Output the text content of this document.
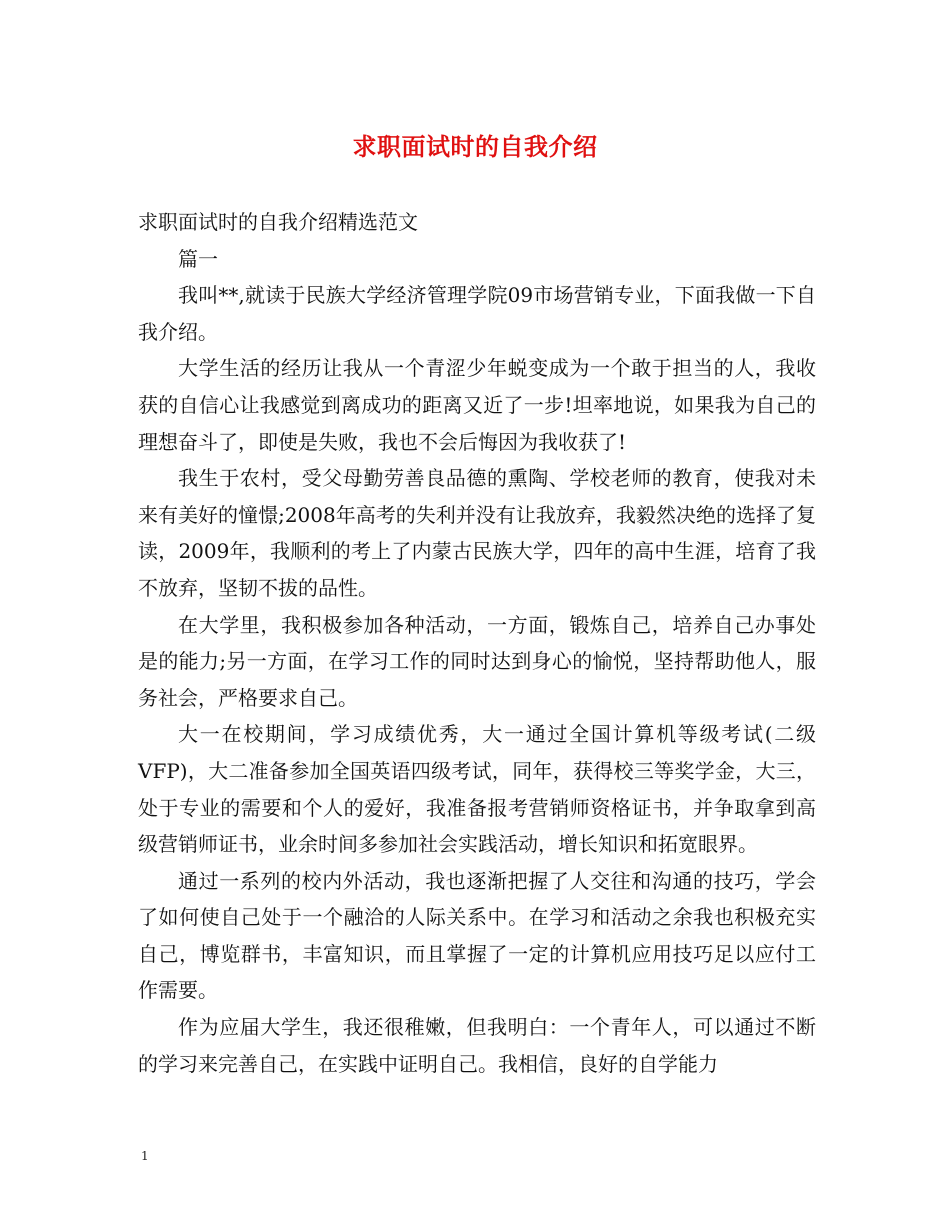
求职面试时的自我介绍

求职面试时的自我介绍精选范文

篇一

我叫**,就读于民族大学经济管理学院09市场营销专业，下面我做一下自我介绍。

大学生活的经历让我从一个青涩少年蜕变成为一个敢于担当的人，我收获的自信心让我感觉到离成功的距离又近了一步!坦率地说，如果我为自己的理想奋斗了，即使是失败，我也不会后悔因为我收获了!

我生于农村，受父母勤劳善良品德的熏陶、学校老师的教育，使我对未来有美好的憧憬;2008年高考的失利并没有让我放弃，我毅然决绝的选择了复读，2009年，我顺利的考上了内蒙古民族大学，四年的高中生涯，培育了我不放弃，坚韧不拔的品性。

在大学里，我积极参加各种活动，一方面，锻炼自己，培养自己办事处是的能力;另一方面，在学习工作的同时达到身心的愉悦，坚持帮助他人，服务社会，严格要求自己。

大一在校期间，学习成绩优秀，大一通过全国计算机等级考试(二级VFP)，大二准备参加全国英语四级考试，同年，获得校三等奖学金，大三，处于专业的需要和个人的爱好，我准备报考营销师资格证书，并争取拿到高级营销师证书，业余时间多参加社会实践活动，增长知识和拓宽眼界。

通过一系列的校内外活动，我也逐渐把握了人交往和沟通的技巧，学会了如何使自己处于一个融洽的人际关系中。在学习和活动之余我也积极充实自己，博览群书，丰富知识，而且掌握了一定的计算机应用技巧足以应付工作需要。

作为应届大学生，我还很稚嫩，但我明白：一个青年人，可以通过不断的学习来完善自己，在实践中证明自己。我相信，良好的自学能力

1
